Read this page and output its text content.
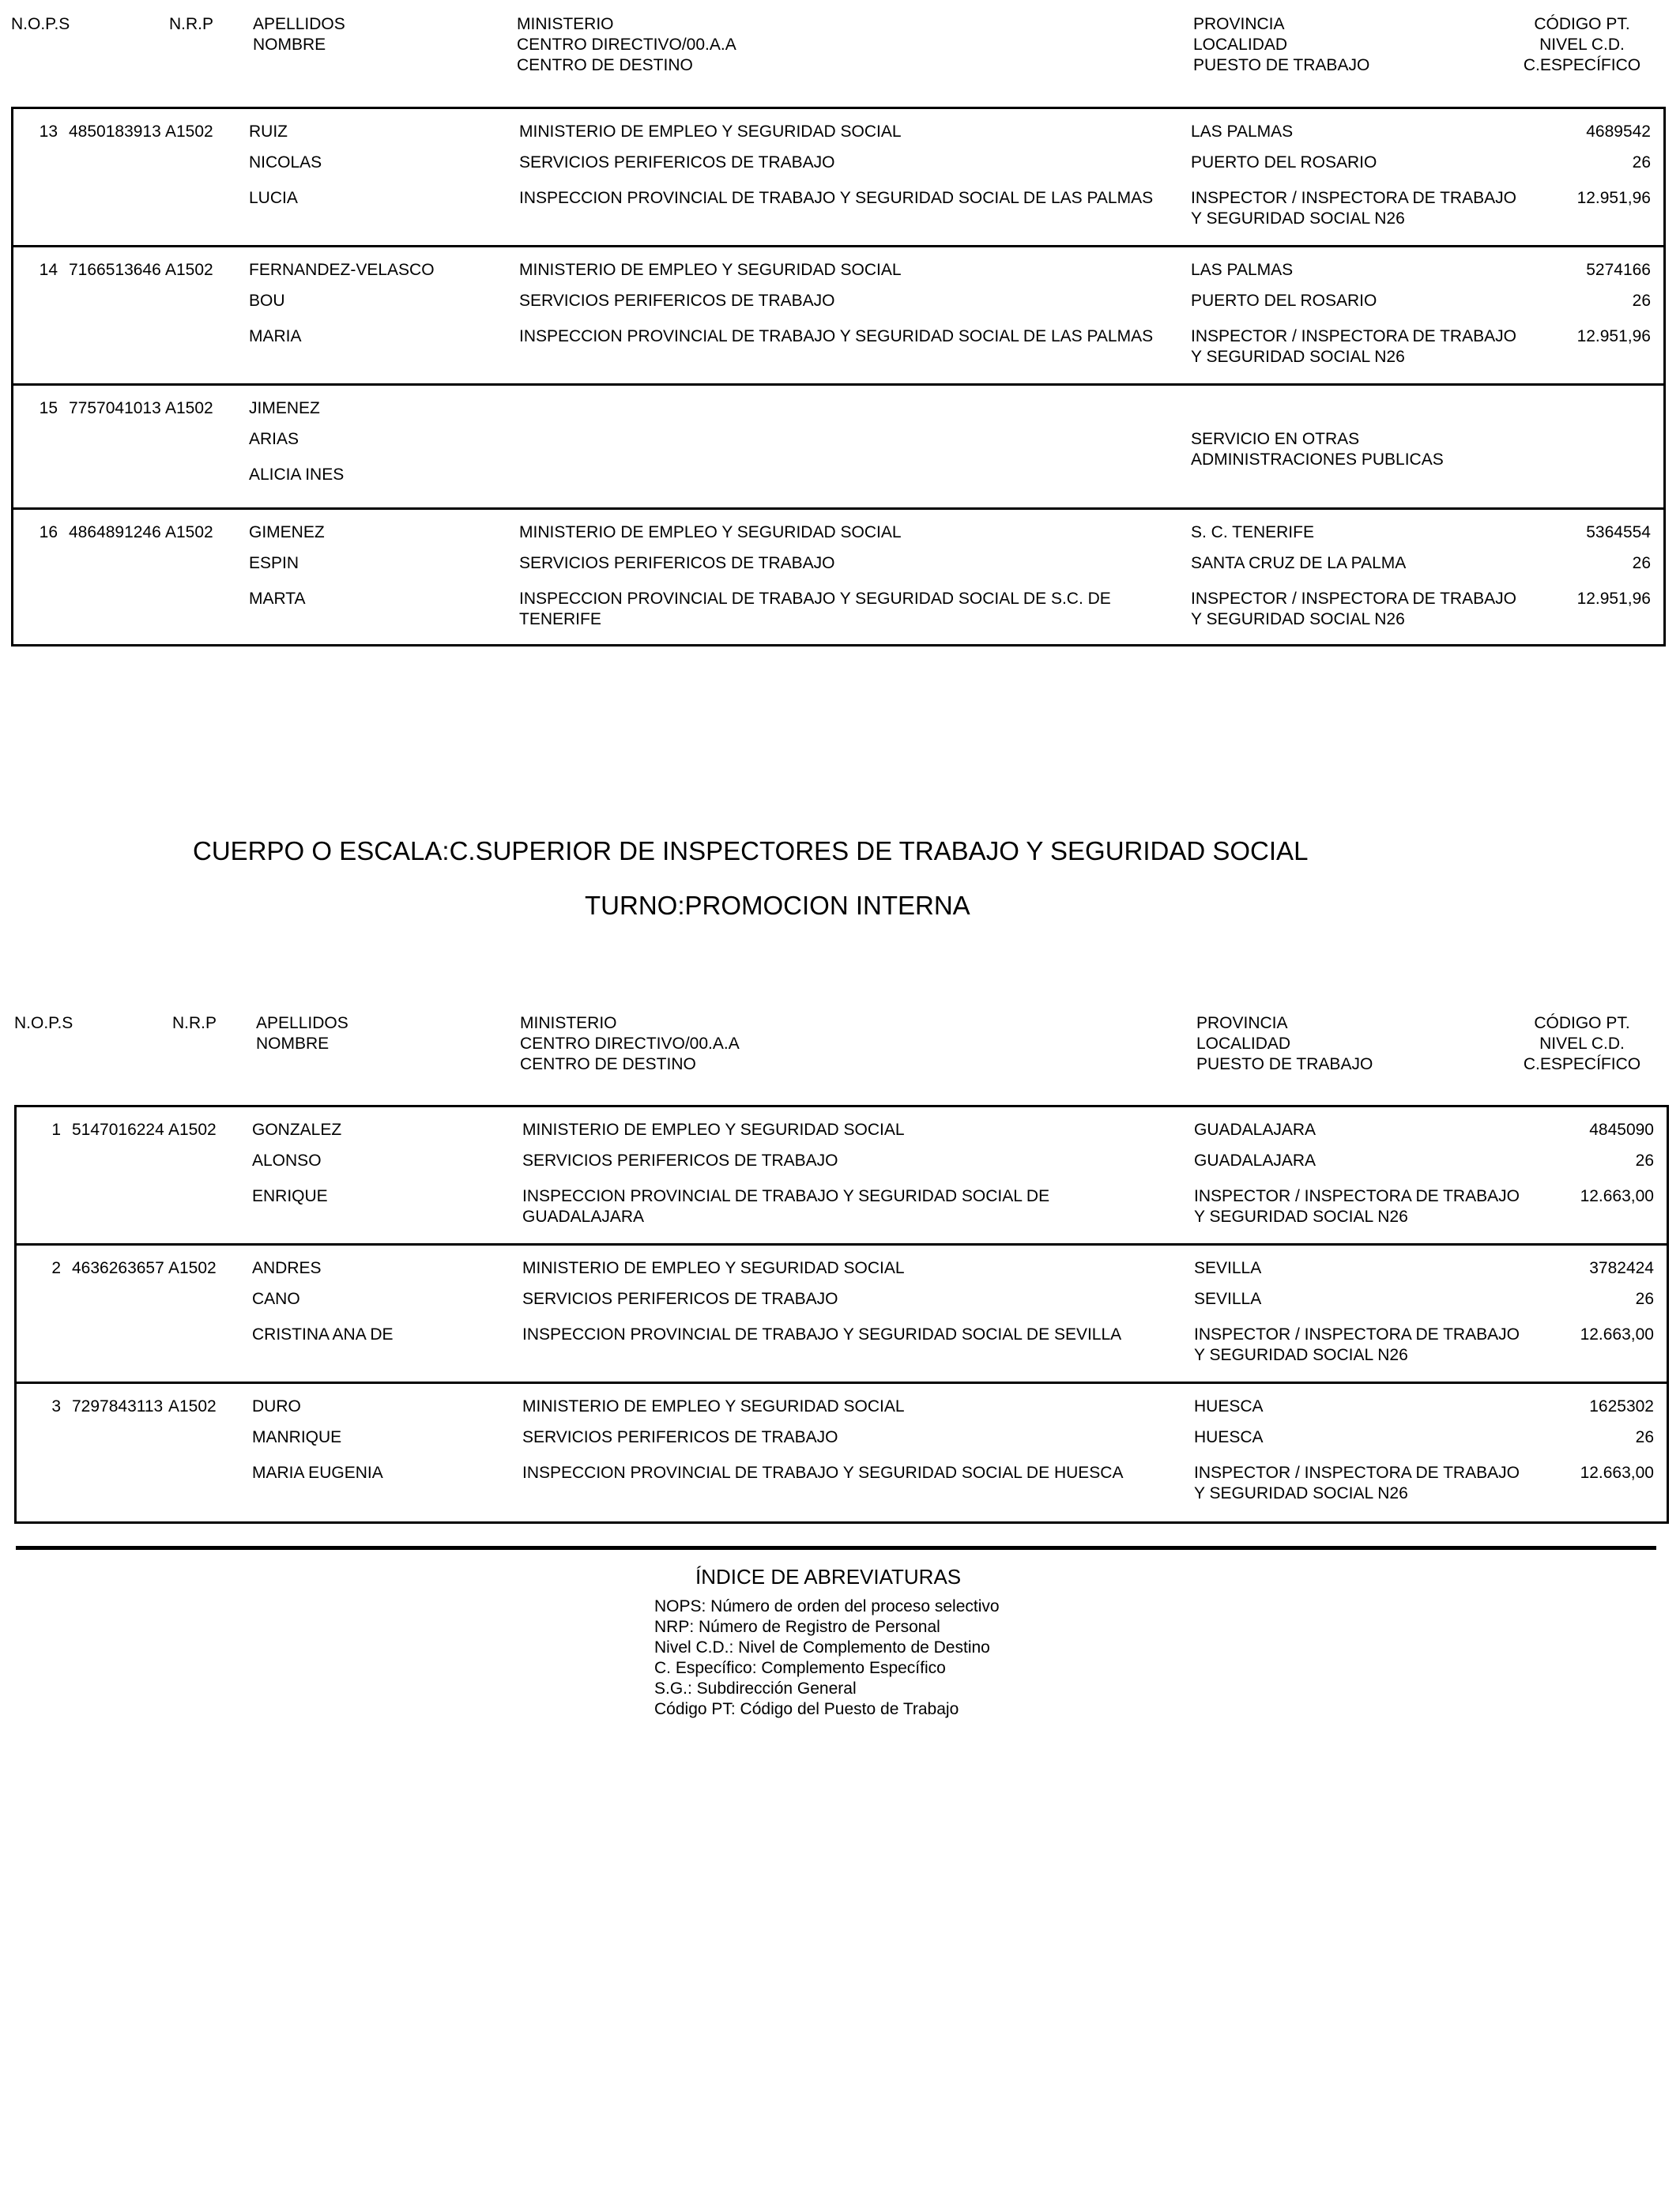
N.O.P.S	N.R.P APELLIDOS
NOMBRE
MINISTERIO
CENTRO DIRECTIVO/00.A.A
CENTRO DE DESTINO
PROVINCIA
LOCALIDAD
PUESTO DE TRABAJO
CÓDIGO PT.
NIVEL C.D.
C.ESPECÍFICO
13 4850183913 A1502 RUIZ
NICOLAS
LUCIA
MINISTERIO DE EMPLEO Y SEGURIDAD SOCIAL
SERVICIOS PERIFERICOS DE TRABAJO
INSPECCION PROVINCIAL DE TRABAJO Y SEGURIDAD SOCIAL DE LAS PALMAS
LAS PALMAS
PUERTO DEL ROSARIO
INSPECTOR / INSPECTORA DE TRABAJO Y SEGURIDAD SOCIAL N26
4689542
26
12.951,96
14 7166513646 A1502 FERNANDEZ-VELASCO
BOU
MARIA
MINISTERIO DE EMPLEO Y SEGURIDAD SOCIAL
SERVICIOS PERIFERICOS DE TRABAJO
INSPECCION PROVINCIAL DE TRABAJO Y SEGURIDAD SOCIAL DE LAS PALMAS
LAS PALMAS
PUERTO DEL ROSARIO
INSPECTOR / INSPECTORA DE TRABAJO Y SEGURIDAD SOCIAL N26
5274166
26
12.951,96
15 7757041013 A1502 JIMENEZ
ARIAS
ALICIA INES
SERVICIO EN OTRAS ADMINISTRACIONES PUBLICAS
16 4864891246 A1502 GIMENEZ
ESPIN
MARTA
MINISTERIO DE EMPLEO Y SEGURIDAD SOCIAL
SERVICIOS PERIFERICOS DE TRABAJO
INSPECCION PROVINCIAL DE TRABAJO Y SEGURIDAD SOCIAL DE S.C. DE TENERIFE
S. C. TENERIFE
SANTA CRUZ DE LA PALMA
INSPECTOR / INSPECTORA DE TRABAJO Y SEGURIDAD SOCIAL N26
5364554
26
12.951,96
CUERPO O ESCALA:C.SUPERIOR DE INSPECTORES DE TRABAJO Y SEGURIDAD SOCIAL
TURNO:PROMOCION INTERNA
N.O.P.S	N.R.P APELLIDOS
NOMBRE
MINISTERIO
CENTRO DIRECTIVO/00.A.A
CENTRO DE DESTINO
PROVINCIA
LOCALIDAD
PUESTO DE TRABAJO
CÓDIGO PT.
NIVEL C.D.
C.ESPECÍFICO
1 5147016224 A1502 GONZALEZ
ALONSO
ENRIQUE
MINISTERIO DE EMPLEO Y SEGURIDAD SOCIAL
SERVICIOS PERIFERICOS DE TRABAJO
INSPECCION PROVINCIAL DE TRABAJO Y SEGURIDAD SOCIAL DE GUADALAJARA
GUADALAJARA
GUADALAJARA
INSPECTOR / INSPECTORA DE TRABAJO Y SEGURIDAD SOCIAL N26
4845090
26
12.663,00
2 4636263657 A1502 ANDRES
CANO
CRISTINA ANA DE
MINISTERIO DE EMPLEO Y SEGURIDAD SOCIAL
SERVICIOS PERIFERICOS DE TRABAJO
INSPECCION PROVINCIAL DE TRABAJO Y SEGURIDAD SOCIAL DE SEVILLA
SEVILLA
SEVILLA
INSPECTOR / INSPECTORA DE TRABAJO Y SEGURIDAD SOCIAL N26
3782424
26
12.663,00
3 7297843113 A1502 DURO
MANRIQUE
MARIA EUGENIA
MINISTERIO DE EMPLEO Y SEGURIDAD SOCIAL
SERVICIOS PERIFERICOS DE TRABAJO
INSPECCION PROVINCIAL DE TRABAJO Y SEGURIDAD SOCIAL DE HUESCA
HUESCA
HUESCA
INSPECTOR / INSPECTORA DE TRABAJO Y SEGURIDAD SOCIAL N26
1625302
26
12.663,00
ÍNDICE DE ABREVIATURAS
NOPS: Número de orden del proceso selectivo
NRP: Número de Registro de Personal
Nivel C.D.: Nivel de Complemento de Destino
C. Específico: Complemento Específico
S.G.: Subdirección General
Código PT: Código del Puesto de Trabajo
